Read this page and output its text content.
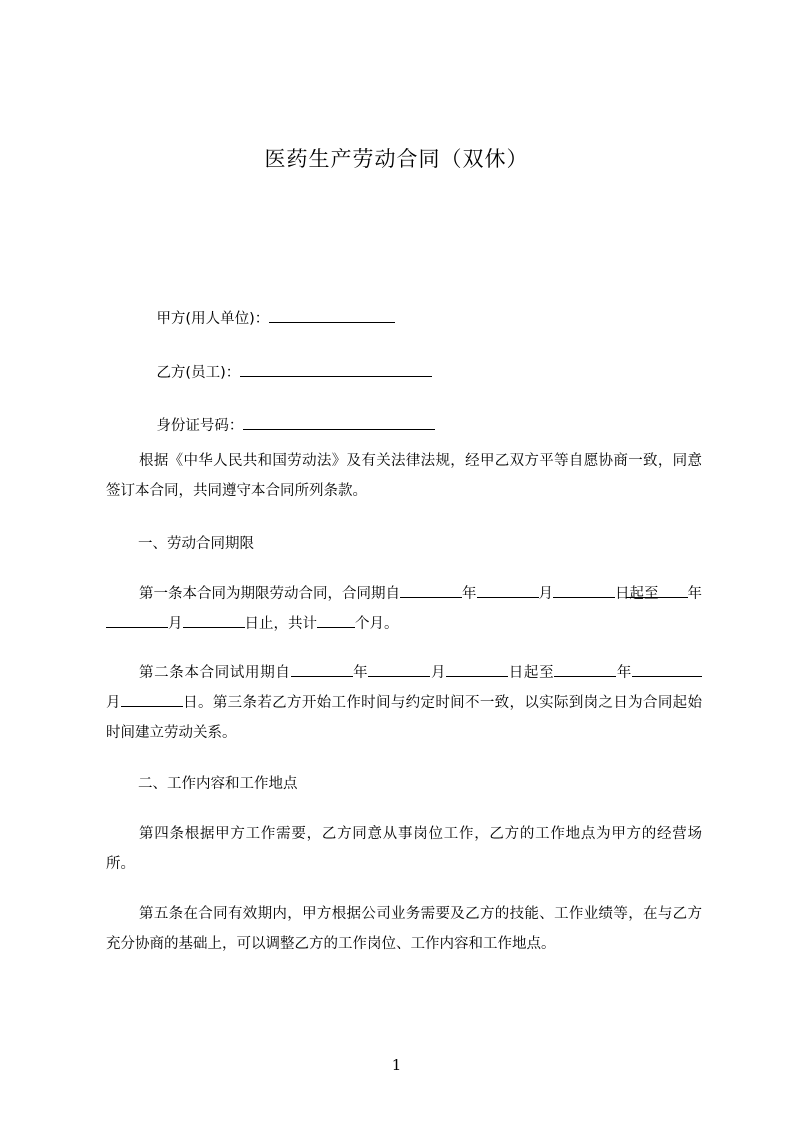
医药生产劳动合同（双休）

甲方(用人单位)：

乙方(员工)：

身份证号码：

根据《中华人民共和国劳动法》及有关法律法规，经甲乙双方平等自愿协商一致，同意签订本合同，共同遵守本合同所列条款。
一、劳动合同期限
第一条本合同为期限劳动合同，合同期自	年	月	日起至 年月	日止，共计	个月。
第二条本合同试用期自	年	月	日起至	年月	日。第三条若乙方开始工作时间与约定时间不一致，以实际到岗之日为合同起始时间建立劳动关系。
二、工作内容和工作地点
第四条根据甲方工作需要，乙方同意从事岗位工作，乙方的工作地点为甲方的经营场所。
第五条在合同有效期内，甲方根据公司业务需要及乙方的技能、工作业绩等，在与乙方充分协商的基础上，可以调整乙方的工作岗位、工作内容和工作地点。
1
